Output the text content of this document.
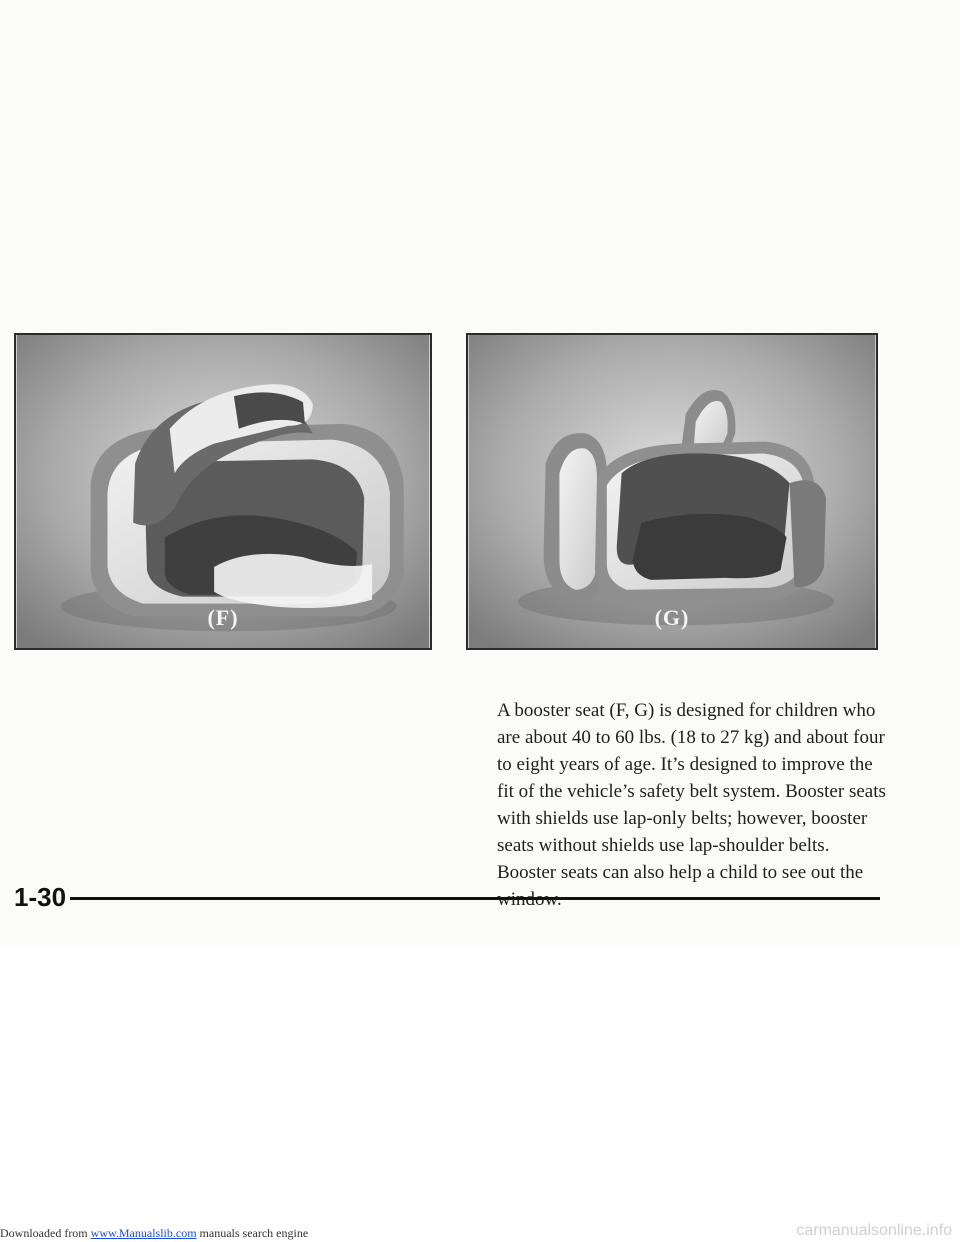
(F)	(G)

A booster seat (F, G) is designed for children who are about 40 to 60 lbs. (18 to 27 kg) and about four to eight years of age. It’s designed to improve the fit of the vehicle’s safety belt system. Booster seats with shields use lap-only belts; however, booster seats without shields use lap-shoulder belts. Booster seats can also help a child to see out the

1-30
Downloaded from www.Manualslib.com manuals search engine	carmanualsonline.info
